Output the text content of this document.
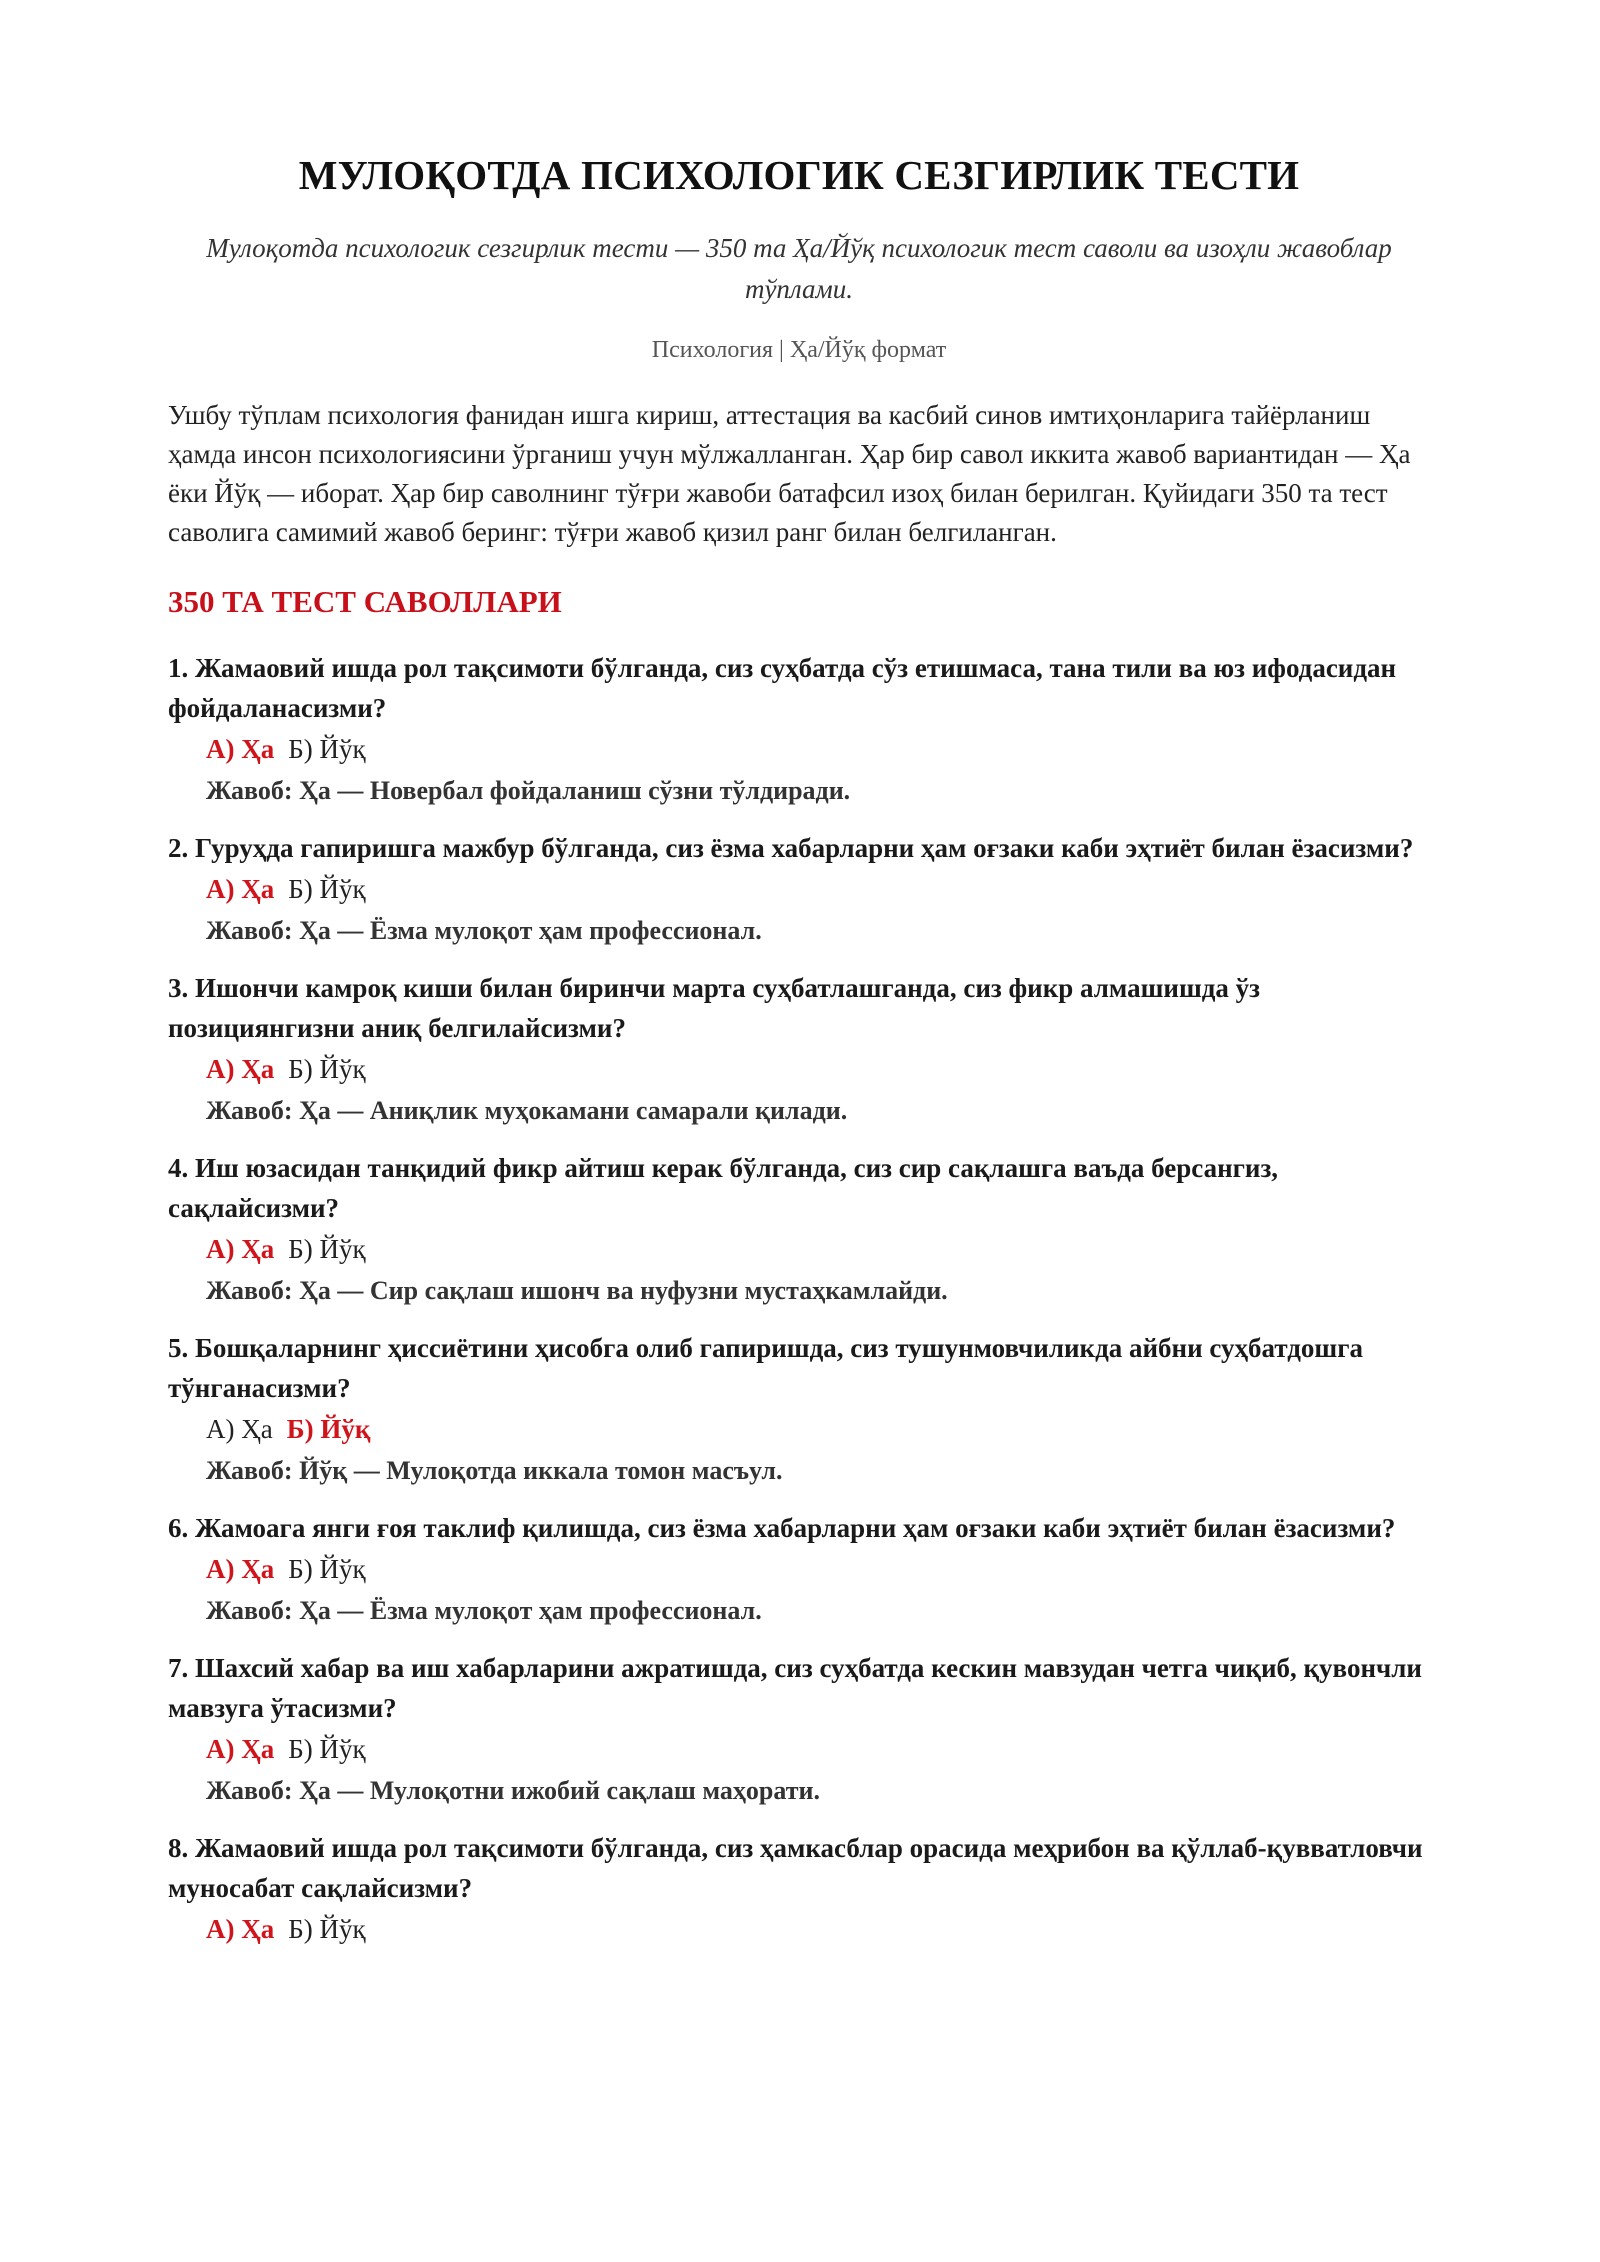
МУЛОҚОТДА ПСИХОЛОГИК СЕЗГИРЛИК ТЕСТИ
Мулоқотда психологик сезгирлик тести — 350 та Ҳа/Йўқ психологик тест саволи ва изоҳли жавоблар тўплами.
Психология | Ҳа/Йўқ формат

Ушбу тўплам психология фанидан ишга кириш, аттестация ва касбий синов имтиҳонларига тайёрланиш ҳамда инсон психологиясини ўрганиш учун мўлжалланган. Ҳар бир савол иккита жавоб вариантидан — Ҳа ёки Йўқ — иборат. Ҳар бир саволнинг тўғри жавоби батафсил изоҳ билан берилган. Қуйидаги 350 та тест саволига самимий жавоб беринг: тўғри жавоб қизил ранг билан белгиланган.

350 ТА ТЕСТ САВОЛЛАРИ
1. Жамаовий ишда рол тақсимоти бўлганда, сиз суҳбатда сўз етишмаса, тана тили ва юз ифодасидан фойдаланасизми?
А) Ҳа Б) Йўқ
Жавоб: Ҳа — Новербал фойдаланиш сўзни тўлдиради.
2. Гуруҳда гапиришга мажбур бўлганда, сиз ёзма хабарларни ҳам оғзаки каби эҳтиёт билан ёзасизми?
А) Ҳа Б) Йўқ
Жавоб: Ҳа — Ёзма мулоқот ҳам профессионал.
3. Ишончи камроқ киши билан биринчи марта суҳбатлашганда, сиз фикр алмашишда ўз позициянгизни аниқ белгилайсизми?
А) Ҳа Б) Йўқ
Жавоб: Ҳа — Аниқлик муҳокамани самарали қилади.
4. Иш юзасидан танқидий фикр айтиш керак бўлганда, сиз сир сақлашга ваъда берсангиз, сақлайсизми?
А) Ҳа Б) Йўқ
Жавоб: Ҳа — Сир сақлаш ишонч ва нуфузни мустаҳкамлайди.
5. Бошқаларнинг ҳиссиётини ҳисобга олиб гапиришда, сиз тушунмовчиликда айбни суҳбатдошга тўнганасизми?
А) Ҳа Б) Йўқ
Жавоб: Йўқ — Мулоқотда иккала томон масъул.
6. Жамоага янги ғоя таклиф қилишда, сиз ёзма хабарларни ҳам оғзаки каби эҳтиёт билан ёзасизми?
А) Ҳа Б) Йўқ
Жавоб: Ҳа — Ёзма мулоқот ҳам профессионал.
7. Шахсий хабар ва иш хабарларини ажратишда, сиз суҳбатда кескин мавзудан четга чиқиб, қувончли мавзуга ўтасизми?
А) Ҳа Б) Йўқ
Жавоб: Ҳа — Мулоқотни ижобий сақлаш маҳорати.
8. Жамаовий ишда рол тақсимоти бўлганда, сиз ҳамкасблар орасида меҳрибон ва қўллаб-қувватловчи муносабат сақлайсизми?
А) Ҳа Б) Йўқ
